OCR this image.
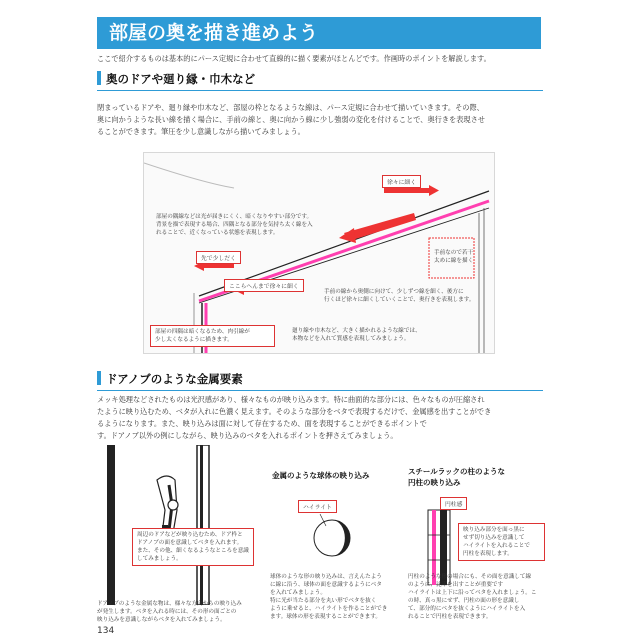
部屋の奥を描き進めよう
ここで紹介するものは基本的にパース定規に合わせて直線的に描く要素がほとんどです。作画時のポイントを解説します。
奥のドアや廻り縁・巾木など
閉まっているドアや、廻り縁や巾木など、部屋の枠となるような線は、パース定規に合わせて描いていきます。その際、
奥に向かうような長い線を描く場合に、手前の線と、奥に向かう線に少し強弱の変化を付けることで、奥行きを表現させ
ることができます。筆圧を少し意識しながら描いてみましょう。
部屋の隅線などは光が届きにくく、暗くなりやすい部分です。
背景を描で表現する場合、四隅となる部分を気持ち太く線を入
れることで、近くなっている状態を表現します。
徐々に細く
先で少しだく
ここらへんまで徐々に細く
部屋の四隅は暗くなるため、肉引線が
少し太くなるように描きます。
手前なので若干
太めに線を描く
手前の線から奥側に向けて、少しずつ線を細く、後方に
行くほど徐々に細くしていくことで、奥行きを表現します。
廻り線や巾木など、大きく描かれるような線では、
本物などを入れて質感を表現してみましょう。
ドアノブのような金属要素
メッキ処理などされたものは光沢感があり、様々なものが映り込みます。特に曲面的な部分には、色々なものが圧縮され
たように映り込むため、ベタが入れに色濃く見えます。そのような部分をベタで表現するだけで、金属感を出すことができ
るようになります。また、映り込みは面に対して存在するため、面を表現することができるポイントで
す。ドアノブ以外の例にしながら、映り込みのベタを入れるポイントを押さえてみましょう。
周辺のドアなどが映り込むため、ドア枠と
ドアノブの面を意識してベタを入れます。
また、その他、細くなるようなところを意識
してみましょう。
ドアノブのような金属な物は、様々な方向からの映り込み
が発生します。ベタを入れる時には、その形の面ごとの
映り込みを意識しながらベタを入れてみましょう。
金属のような球体の映り込み
ハイライト
球体のような形の映り込みは、言えんたよう
に線に沿う、球体の面を意識するようにベタ
を入れてみましょう。
特に光が当たる部分を丸い形でベタを抜く
ように乗せると、ハイライトを作ることができ
ます。球体の形を表現することができます。
スチールラックの柱のような
円柱の映り込み
円柱感
映り込み部分を面っ黒に
せず切り込みを意識して
ハイライトを入れることで
円柱を表現します。
円柱のような形の場合にも、その面を意識して線
のように、比率を出すことが重要です
ハイライトは上下に沿ってベタを入れましょう。こ
の時、真っ黒にせず、円柱の面の形を意識し
て、部分的にベタを抜くようにハイライトを入
れることで円柱を表現できます。
134
